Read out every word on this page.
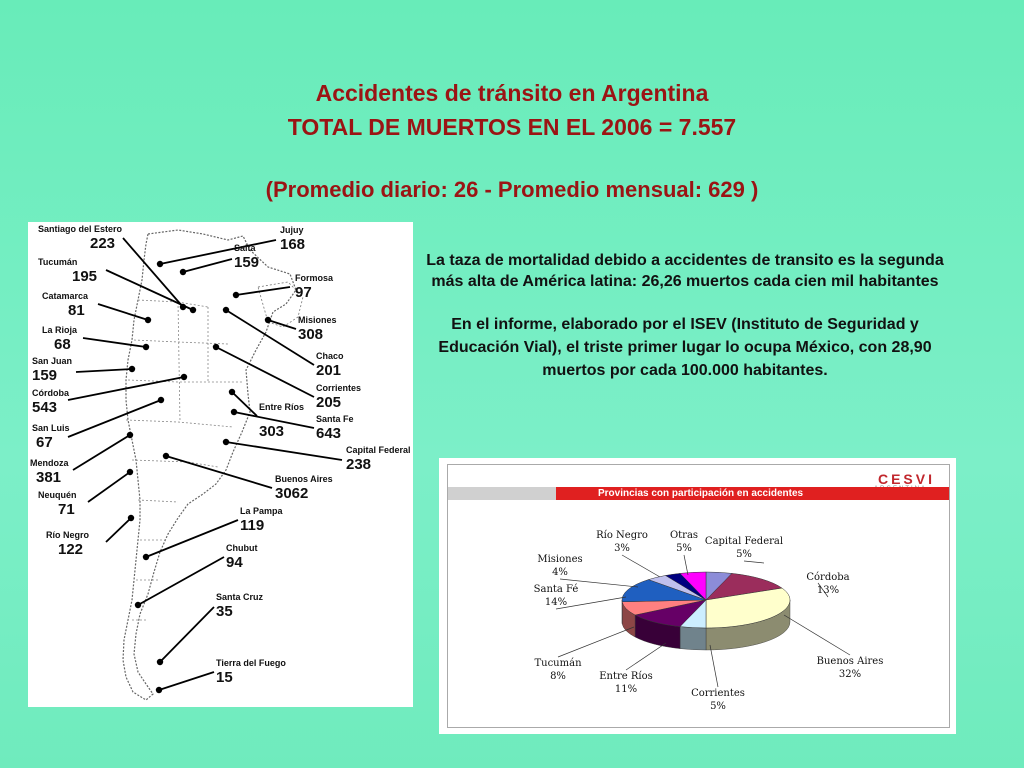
Accidentes de tránsito en Argentina
TOTAL DE MUERTOS EN EL 2006 = 7.557
(Promedio diario: 26 - Promedio mensual: 629 )
Santiago del Estero
223
Tucumán
195
Catamarca
81
La Rioja
68
San Juan
159
Córdoba
543
San Luis
67
Mendoza
381
Neuquén
71
Río Negro
122
Jujuy
168
Salta
159
Formosa
97
Misiones
308
Chaco
201
Corrientes
205
Entre Ríos
303
Santa Fe
643
Capital Federal
238
Buenos Aires
3062
La Pampa
119
Chubut
94
Santa Cruz
35
Tierra del Fuego
15
La taza de mortalidad debido a accidentes de transito es la segunda más alta de América latina: 26,26 muertos cada cien mil habitantes
En el informe, elaborado por el ISEV (Instituto de Seguridad y Educación Vial), el triste primer lugar lo ocupa México, con 28,90 muertos por cada 100.000 habitantes.
CESVI
Provincias con participación en accidentes
Capital Federal
5%
Córdoba
13%
Buenos Aires
32%
Corrientes
5%
Entre Ríos
11%
Tucumán
8%
Santa Fé
14%
Misiones
4%
Río Negro
3%
Otras
5%
